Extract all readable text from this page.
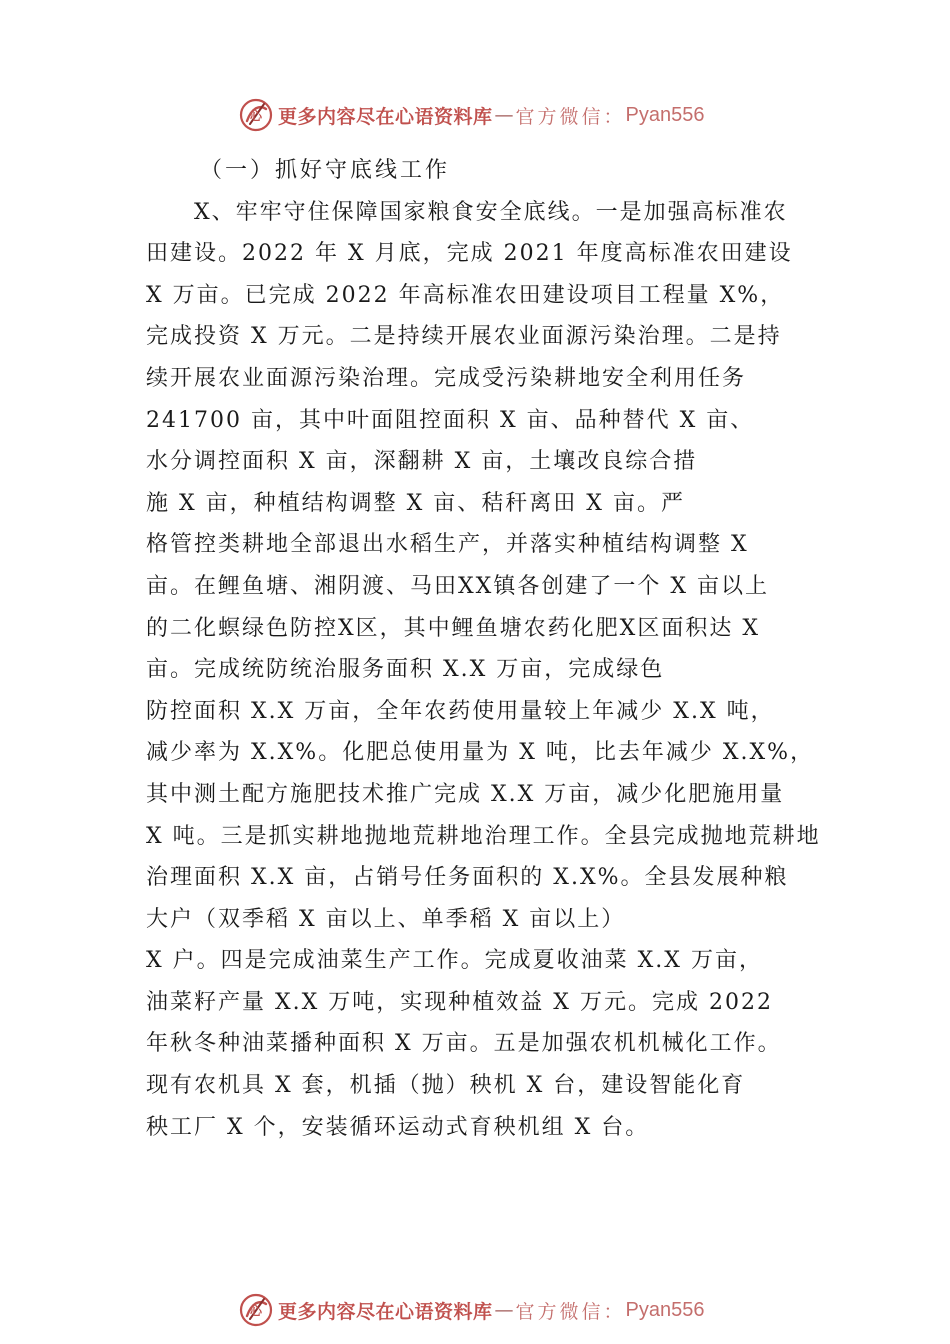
心 更多内容尽在心语资料库 — 官方微信： Pyan556
（一）抓好守底线工作
X、牢牢守住保障国家粮食安全底线。一是加强高标准农
田建设。2022 年 X 月底，完成 2021 年度高标准农田建设
X 万亩。已完成 2022 年高标准农田建设项目工程量 X%，
完成投资 X 万元。二是持续开展农业面源污染治理。二是持
续开展农业面源污染治理。完成受污染耕地安全利用任务
241700 亩，其中叶面阻控面积 X 亩、品种替代 X 亩、
水分调控面积 X 亩，深翻耕 X 亩，土壤改良综合措
施 X 亩，种植结构调整 X 亩、秸秆离田 X 亩。严
格管控类耕地全部退出水稻生产，并落实种植结构调整 X
亩。在鲤鱼塘、湘阴渡、马田XX镇各创建了一个 X 亩以上
的二化螟绿色防控X区，其中鲤鱼塘农药化肥X区面积达 X
亩。完成统防统治服务面积 X.X 万亩，完成绿色
防控面积 X.X 万亩，全年农药使用量较上年减少 X.X 吨，
减少率为 X.X%。化肥总使用量为 X 吨，比去年减少 X.X%，
其中测土配方施肥技术推广完成 X.X 万亩，减少化肥施用量
X 吨。三是抓实耕地抛地荒耕地治理工作。全县完成抛地荒耕地
治理面积 X.X 亩，占销号任务面积的 X.X%。全县发展种粮
大户（双季稻 X 亩以上、单季稻 X 亩以上）
X 户。四是完成油菜生产工作。完成夏收油菜 X.X 万亩，
油菜籽产量 X.X 万吨，实现种植效益 X 万元。完成 2022
年秋冬种油菜播种面积 X 万亩。五是加强农机机械化工作。
现有农机具 X 套，机插（抛）秧机 X 台，建设智能化育
秧工厂 X 个，安装循环运动式育秧机组 X 台。
心 更多内容尽在心语资料库 — 官方微信： Pyan556
